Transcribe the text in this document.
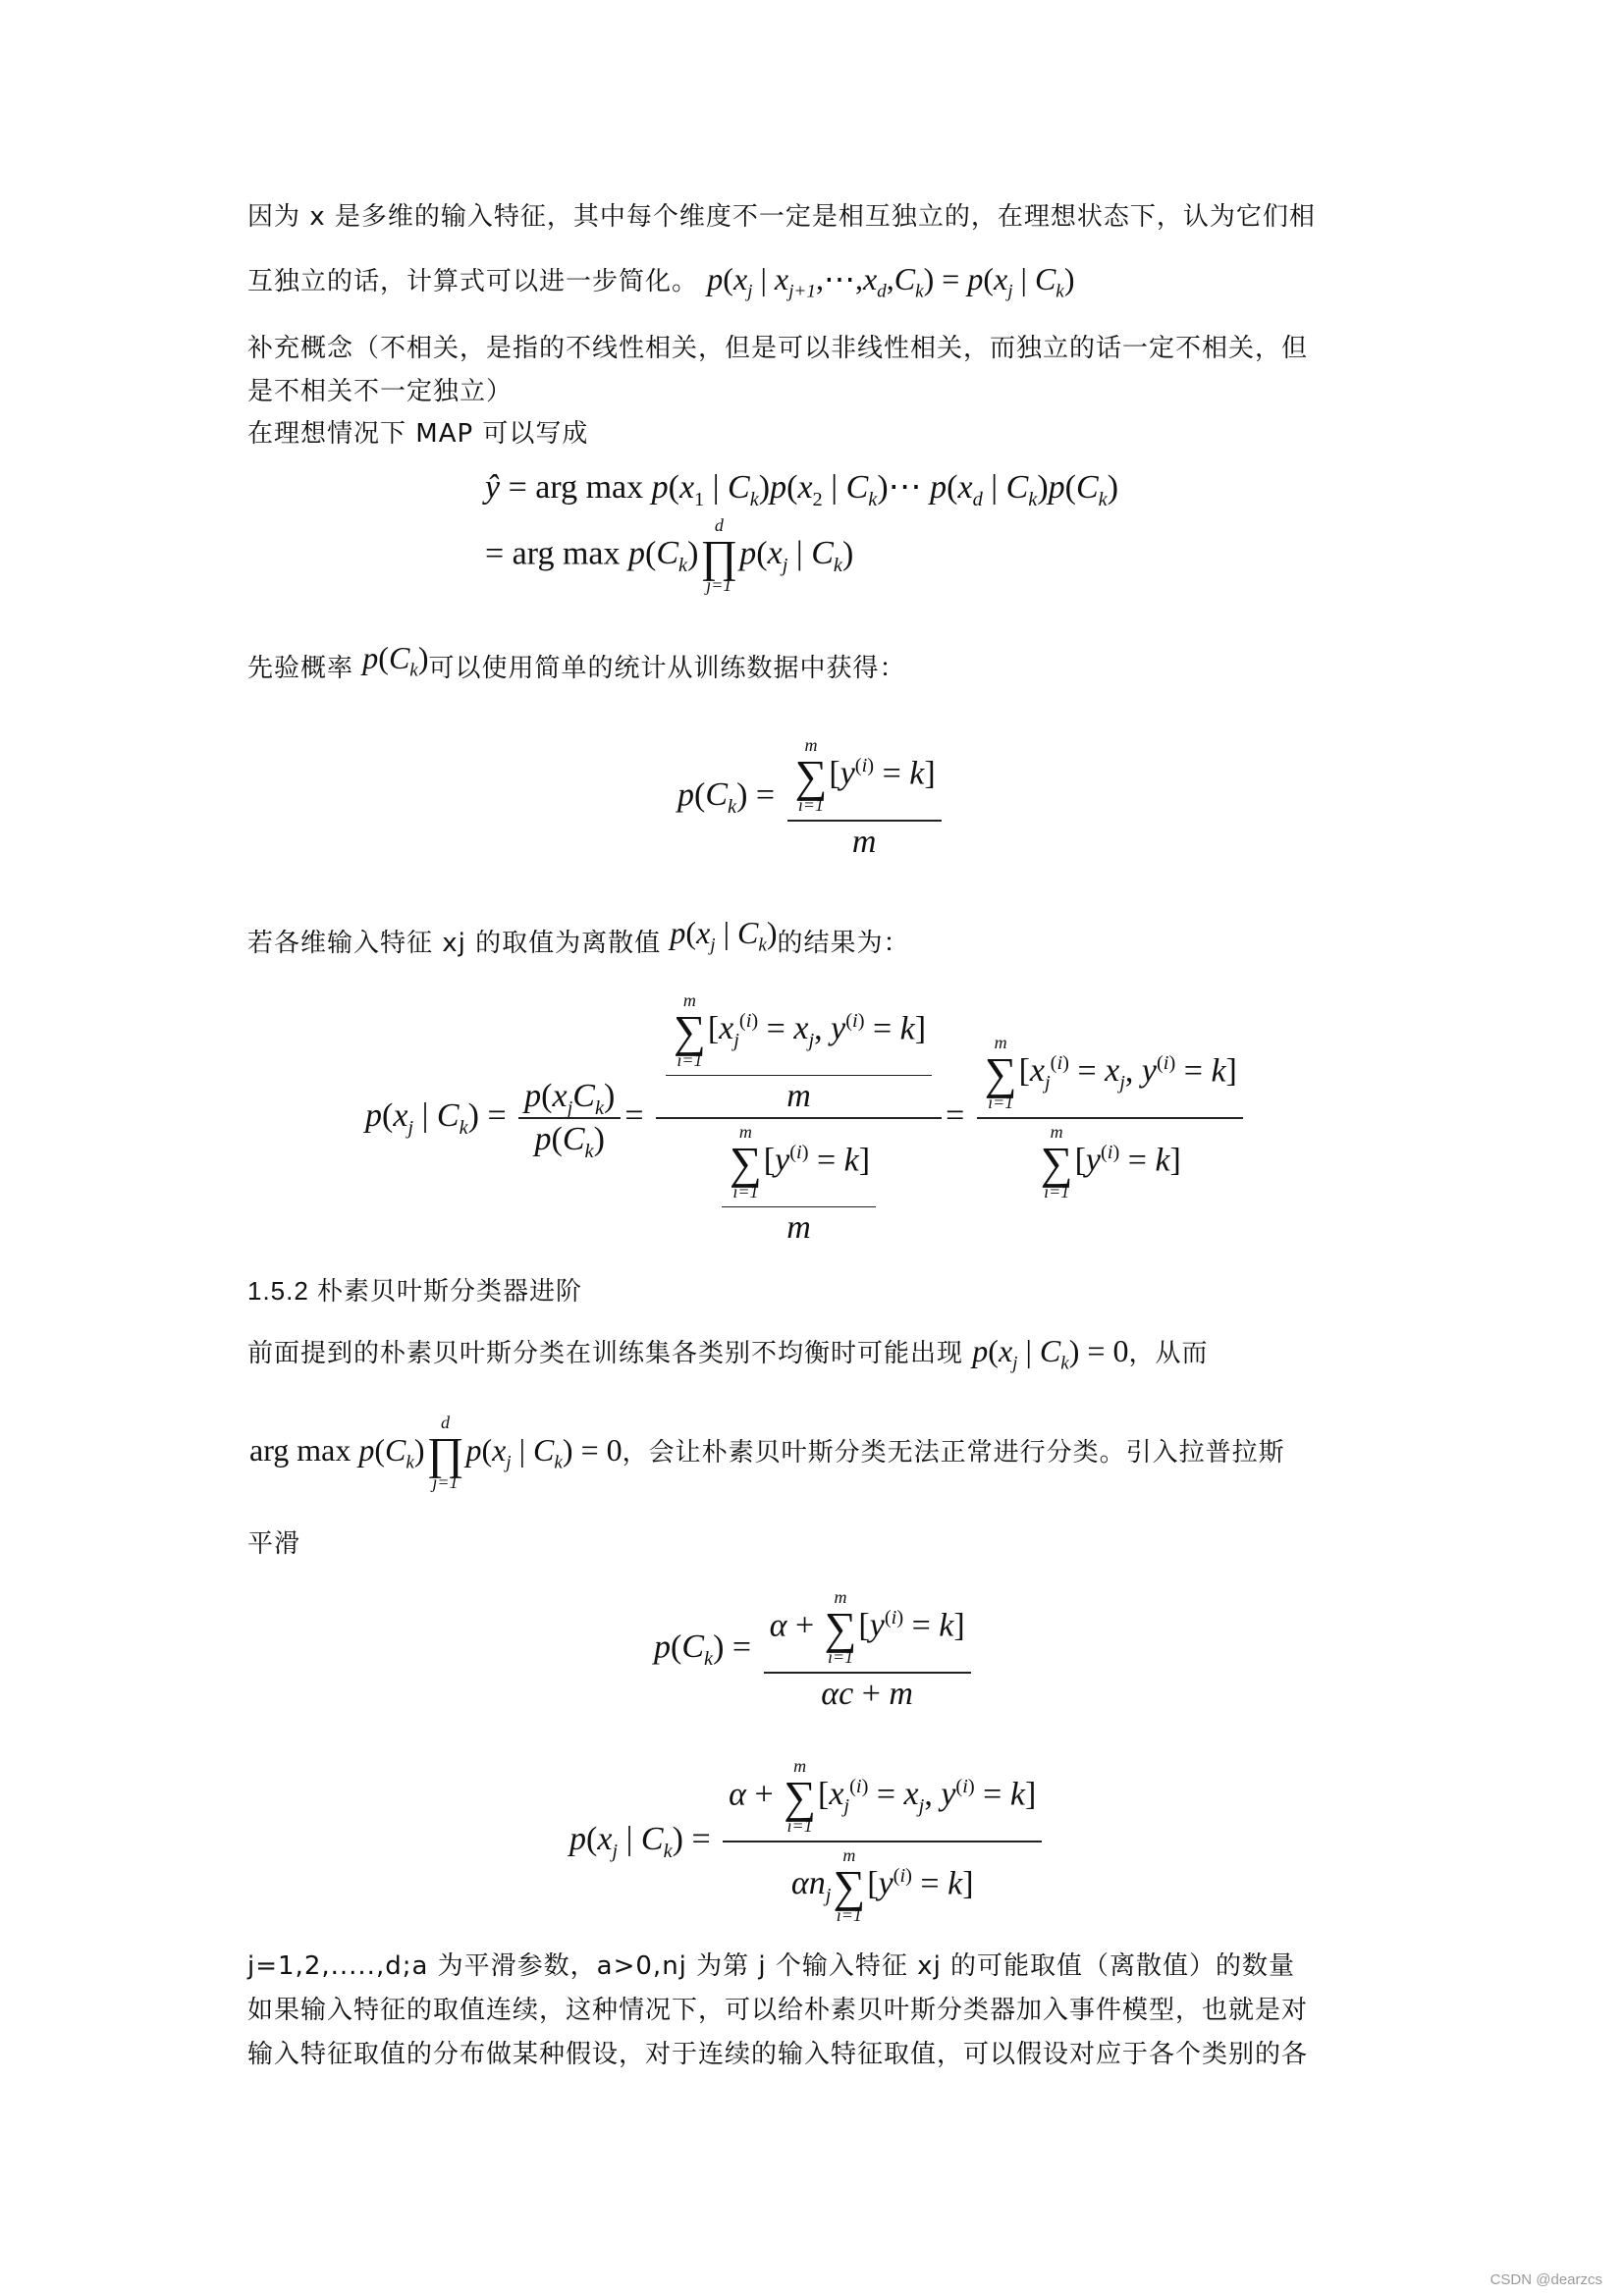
因为 x 是多维的输入特征，其中每个维度不一定是相互独立的，在理想状态下，认为它们相
互独立的话，计算式可以进一步简化。 $p(x_j$ | $x_{j+1},\cdots,x_d,C_k) = p(x_j$ | $C_k$)
补充概念（不相关，是指的不线性相关，但是可以非线性相关，而独立的话一定不相关，但
是不相关不一定独立）
在理想情况下 MAP 可以写成
ŷ = arg $\max p(x_1$ | $C_k)p(x_2$ | $C_k)\cdots$ $p(x_d$ | $C_k)p(C_k)$
= arg $\max p(C_k)$
d
∏
j=1
$p(x_j$ | $C_k$)
先验概率 $p(C_k)$可以使用简单的统计从训练数据中获得：
$p(C_k) = m$
∑
i=1
$[y^{(i)} = k]$
m
若各维输入特征 xj 的取值为离散值 $p(x_j$ | $C_k$)的结果为：
$p(x_j$ | $C_k) = \frac{p(x_jC_k)}{p(C_k)} = m$
∑
i=1
[$x_j^{(i)} = x_j$, $y^{(i)} = k$]
m
m
∑
i=1
$[y^{(i)} = k]$
m = m
∑
i=1
[$x_j^{(i)} = x_j$, $y^{(i)} = k$]
m
∑
i=1
$[y^{(i)} = k]$
1.5.2 朴素贝叶斯分类器进阶
前面提到的朴素贝叶斯分类在训练集各类别不均衡时可能出现 $p(x_j$ | $C_k) = 0$，从而
arg $\max p(C_k)$
d
∏
j=1
$p(x_j$ | $C_k) = 0$，会让朴素贝叶斯分类无法正常进行分类。引入拉普拉斯
平滑
$p(C_k) = \alpha$ +
m
∑
i=1
$[y^{(i)} = k]$
αc + m
$p(x_j$ | $C_k) = \alpha$ +
m
∑
i=1
[$x_j^{(i)} = x_j$, $y^{(i)} = k$]
$\alpha n_j$
m
∑
i=1
$[y^{(i)} = k]$
j=1,2,.....,d;a 为平滑参数，a>0,nj 为第 j 个输入特征 xj 的可能取值（离散值）的数量
如果输入特征的取值连续，这种情况下，可以给朴素贝叶斯分类器加入事件模型，也就是对
输入特征取值的分布做某种假设，对于连续的输入特征取值，可以假设对应于各个类别的各
CSDN @dearzcs
